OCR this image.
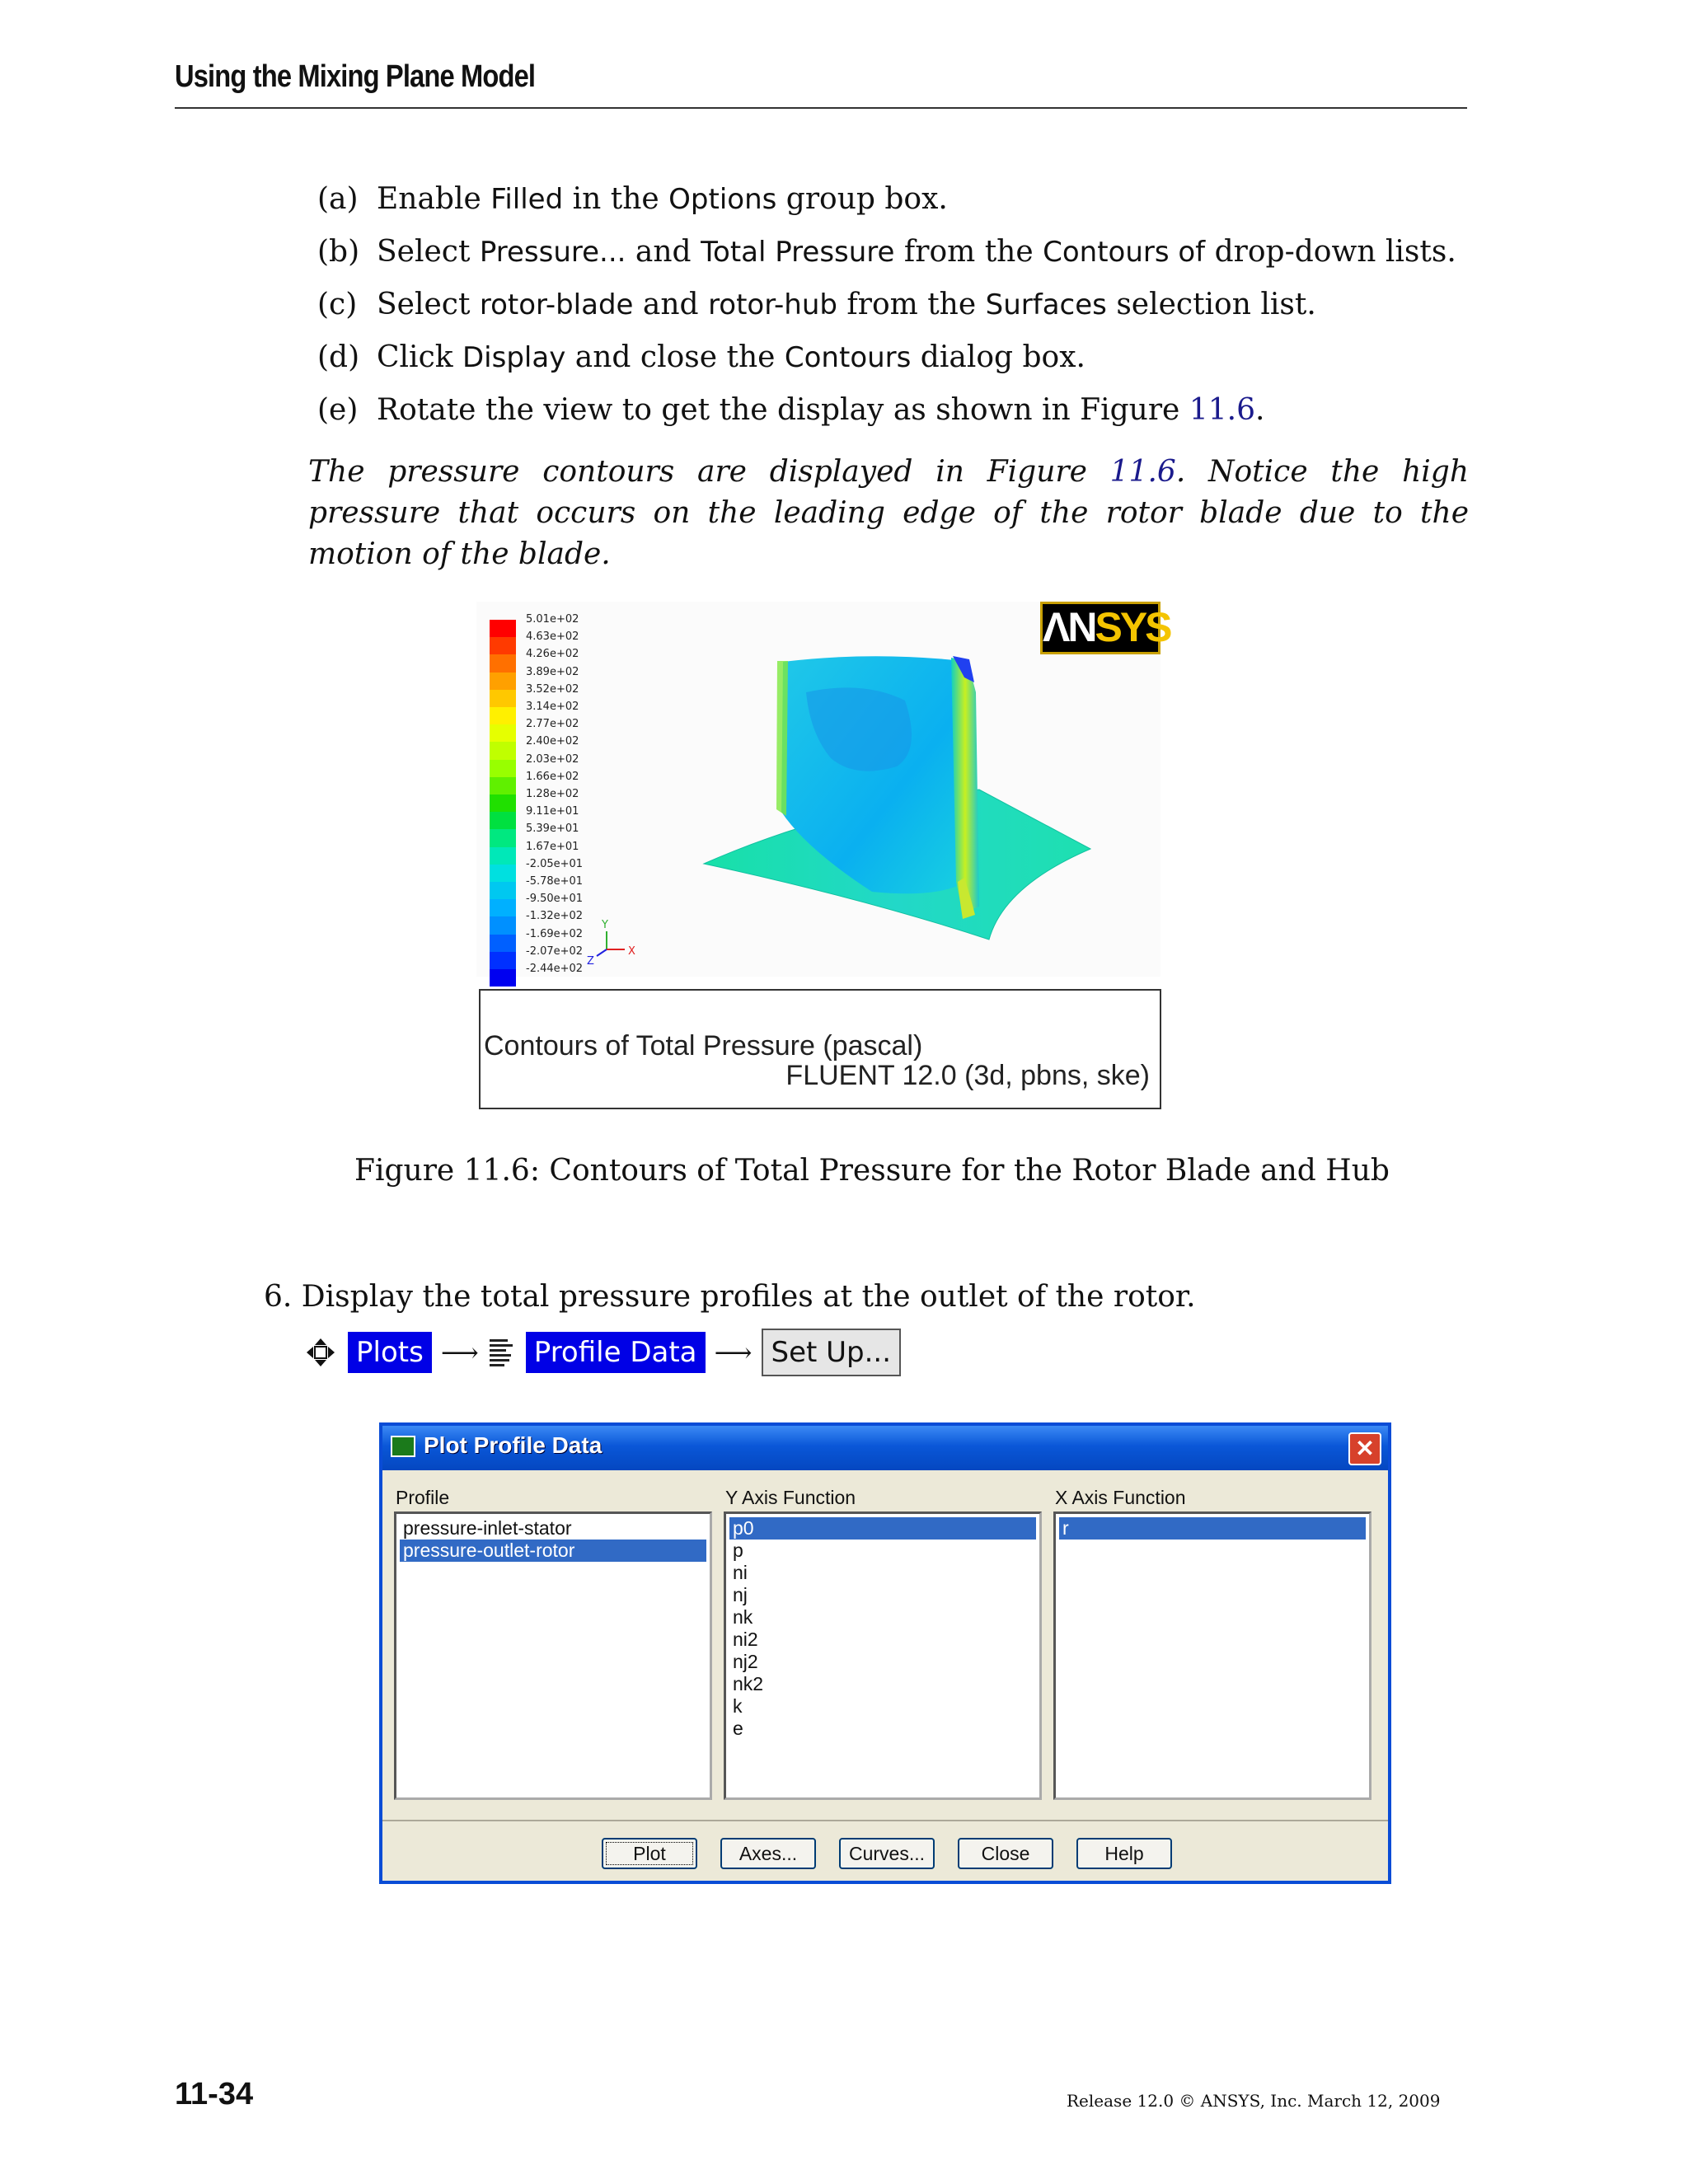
Using the Mixing Plane Model
(a) Enable Filled in the Options group box.
(b) Select Pressure... and Total Pressure from the Contours of drop-down lists.
(c) Select rotor-blade and rotor-hub from the Surfaces selection list.
(d) Click Display and close the Contours dialog box.
(e) Rotate the view to get the display as shown in Figure 11.6.
The pressure contours are displayed in Figure 11.6. Notice the high pressure that occurs on the leading edge of the rotor blade due to the motion of the blade.
5.01e+02
4.63e+02
4.26e+02
3.89e+02
3.52e+02
3.14e+02
2.77e+02
2.40e+02
2.03e+02
1.66e+02
1.28e+02
9.11e+01
5.39e+01
1.67e+01
-2.05e+01
-5.78e+01
-9.50e+01
-1.32e+02
-1.69e+02
-2.07e+02
-2.44e+02
ΛNSYS
Y
X
Z
Contours of Total Pressure (pascal)
FLUENT 12.0 (3d, pbns, ske)
Figure 11.6: Contours of Total Pressure for the Rotor Blade and Hub
6. Display the total pressure profiles at the outlet of the rotor.
Plots ⟶ Profile Data ⟶ Set Up...
Plot Profile Data	✕
Profile	Y Axis Function	X Axis Function
pressure-inlet-stator
pressure-outlet-rotor
p0
p
ni
nj
nk
ni2
nj2
nk2
k
e
r
Plot	Axes...	Curves...	Close	Help
11-34	Release 12.0 © ANSYS, Inc. March 12, 2009
